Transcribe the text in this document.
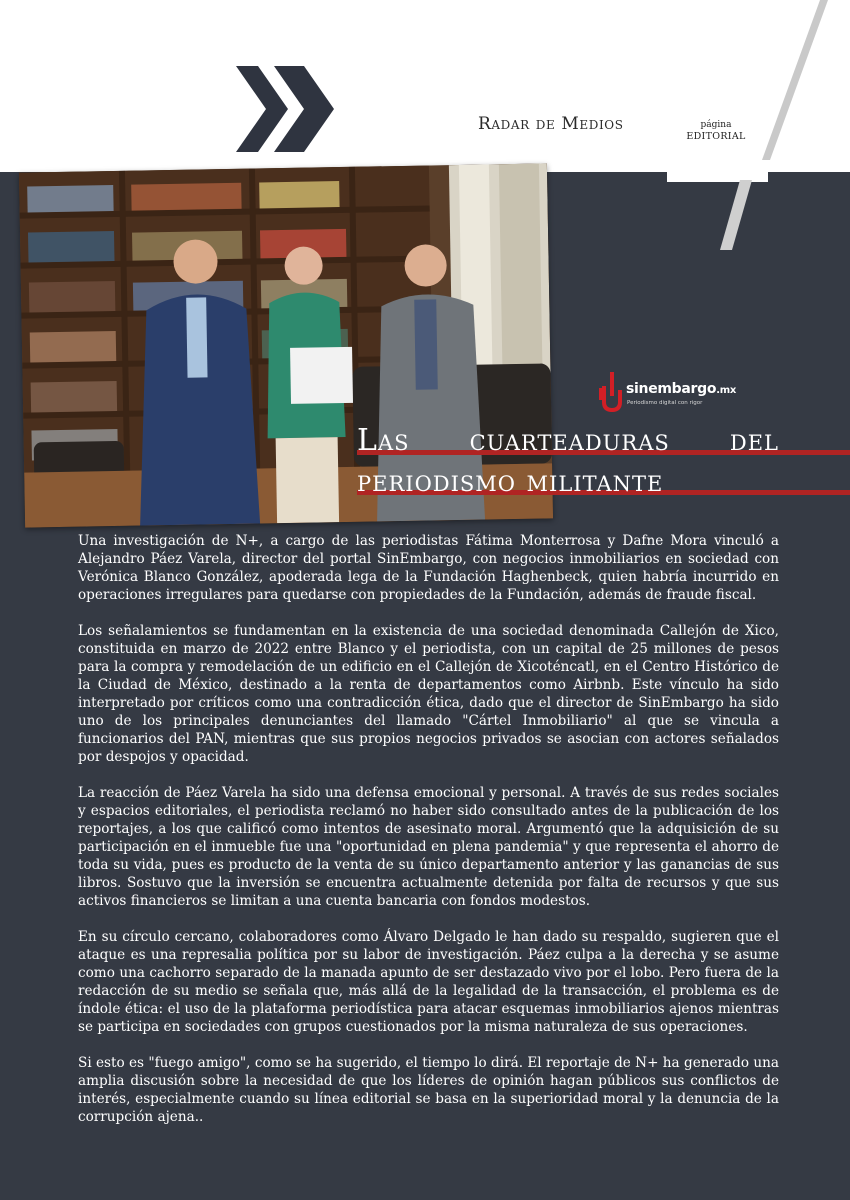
Radar de Medios	página
EDITORIAL
sinembargo.mx
Periodismo digital con rigor
Las cuarteaduras del
periodismo militante

Una investigación de N+, a cargo de las periodistas Fátima Monterrosa y Dafne Mora vinculó a Alejandro Páez Varela, director del portal SinEmbargo, con negocios inmobiliarios en sociedad con Verónica Blanco González, apoderada lega de la Fundación Haghenbeck, quien habría incurrido en operaciones irregulares para quedarse con propiedades de la Fundación, además de fraude fiscal.

Los señalamientos se fundamentan en la existencia de una sociedad denominada Callejón de Xico, constituida en marzo de 2022 entre Blanco y el periodista, con un capital de 25 millones de pesos para la compra y remodelación de un edificio en el Callejón de Xicoténcatl, en el Centro Histórico de la Ciudad de México, destinado a la renta de departamentos como Airbnb. Este vínculo ha sido interpretado por críticos como una contradicción ética, dado que el director de SinEmbargo ha sido uno de los principales denunciantes del llamado "Cártel Inmobiliario" al que se vincula a funcionarios del PAN, mientras que sus propios negocios privados se asocian con actores señalados por despojos y opacidad.

La reacción de Páez Varela ha sido una defensa emocional y personal. A través de sus redes sociales y espacios editoriales, el periodista reclamó no haber sido consultado antes de la publicación de los reportajes, a los que calificó como intentos de asesinato moral. Argumentó que la adquisición de su participación en el inmueble fue una "oportunidad en plena pandemia" y que representa el ahorro de toda su vida, pues es producto de la venta de su único departamento anterior y las ganancias de sus libros. Sostuvo que la inversión se encuentra actualmente detenida por falta de recursos y que sus activos financieros se limitan a una cuenta bancaria con fondos modestos.

En su círculo cercano, colaboradores como Álvaro Delgado le han dado su respaldo, sugieren que el ataque es una represalia política por su labor de investigación. Páez culpa a la derecha y se asume como una cachorro separado de la manada apunto de ser destazado vivo por el lobo. Pero fuera de la redacción de su medio se señala que, más allá de la legalidad de la transacción, el problema es de índole ética: el uso de la plataforma periodística para atacar esquemas inmobiliarios ajenos mientras se participa en sociedades con grupos cuestionados por la misma naturaleza de sus operaciones.

Si esto es "fuego amigo", como se ha sugerido, el tiempo lo dirá. El reportaje de N+ ha generado una amplia discusión sobre la necesidad de que los líderes de opinión hagan públicos sus conflictos de interés, especialmente cuando su línea editorial se basa en la superioridad moral y la denuncia de la corrupción ajena..
